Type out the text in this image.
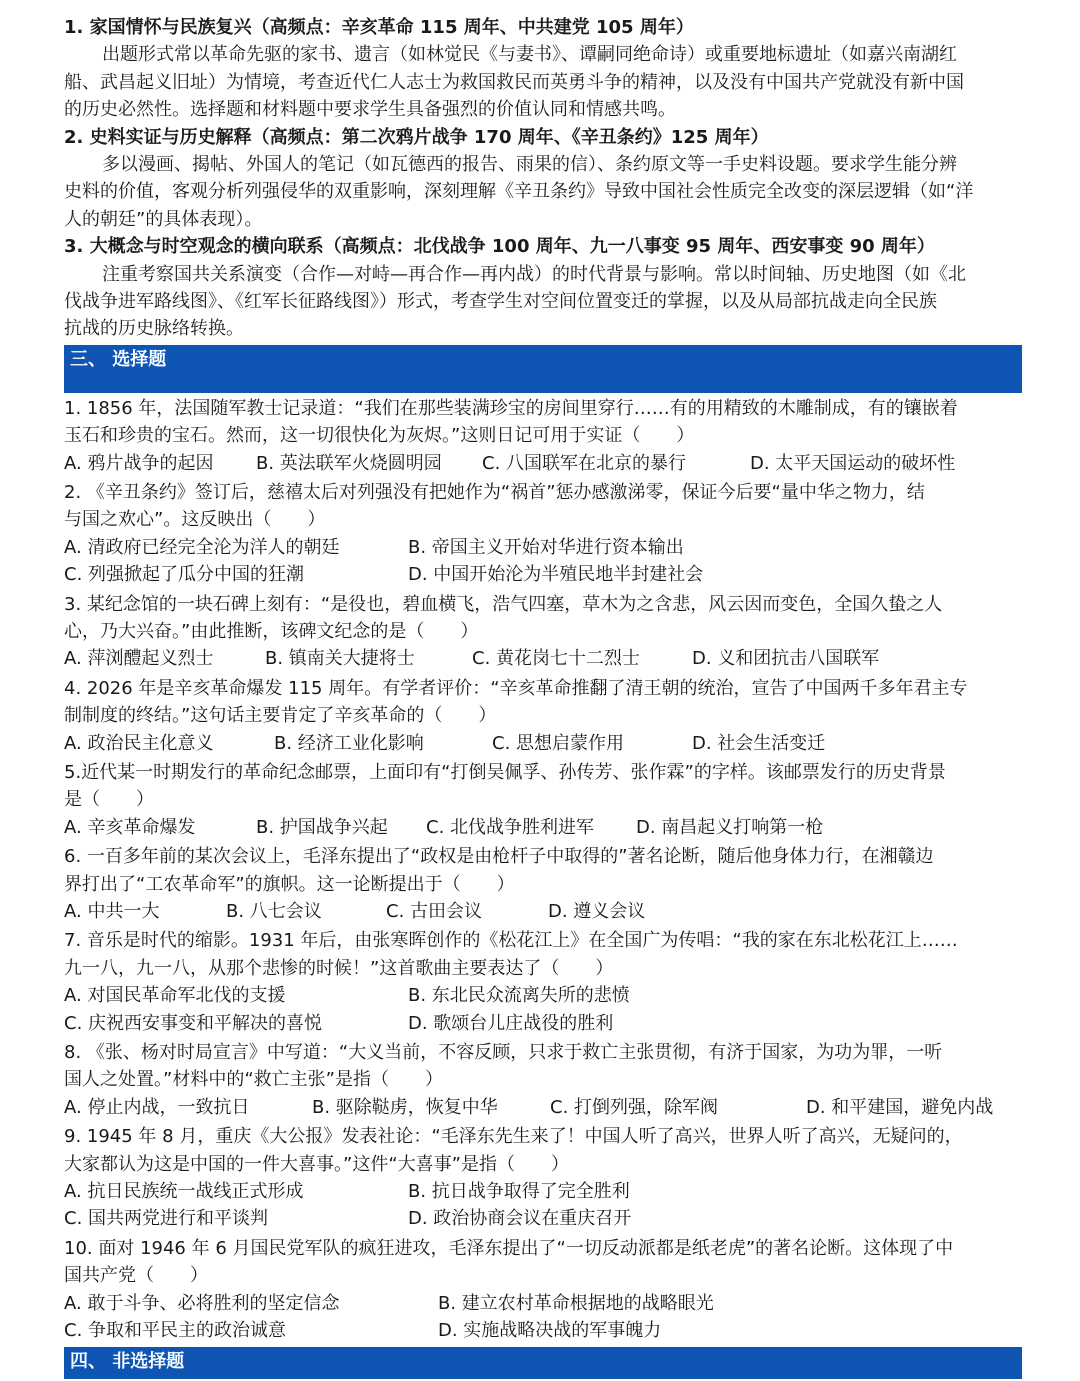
1. 家国情怀与民族复兴（高频点：辛亥革命 115 周年、中共建党 105 周年）
出题形式常以革命先驱的家书、遗言（如林觉民《与妻书》、谭嗣同绝命诗）或重要地标遗址（如嘉兴南湖红
船、武昌起义旧址）为情境，考查近代仁人志士为救国救民而英勇斗争的精神，以及没有中国共产党就没有新中国
的历史必然性。选择题和材料题中要求学生具备强烈的价值认同和情感共鸣。
2. 史料实证与历史解释（高频点：第二次鸦片战争 170 周年、《辛丑条约》125 周年）
多以漫画、揭帖、外国人的笔记（如瓦德西的报告、雨果的信）、条约原文等一手史料设题。要求学生能分辨
史料的价值，客观分析列强侵华的双重影响，深刻理解《辛丑条约》导致中国社会性质完全改变的深层逻辑（如“洋
人的朝廷”的具体表现）。
3. 大概念与时空观念的横向联系（高频点：北伐战争 100 周年、九一八事变 95 周年、西安事变 90 周年）
注重考察国共关系演变（合作—对峙—再合作—再内战）的时代背景与影响。常以时间轴、历史地图（如《北
伐战争进军路线图》、《红军长征路线图》）形式，考查学生对空间位置变迁的掌握，以及从局部抗战走向全民族
抗战的历史脉络转换。
三、 选择题
1. 1856 年，法国随军教士记录道：“我们在那些装满珍宝的房间里穿行……有的用精致的木雕制成，有的镶嵌着
玉石和珍贵的宝石。然而，这一切很快化为灰烬。”这则日记可用于实证（　　）
A. 鸦片战争的起因 B. 英法联军火烧圆明园 C. 八国联军在北京的暴行	D. 太平天国运动的破坏性
2. 《辛丑条约》签订后，慈禧太后对列强没有把她作为“祸首”惩办感激涕零，保证今后要“量中华之物力，结
与国之欢心”。这反映出（　　）
A. 清政府已经完全沦为洋人的朝廷	B. 帝国主义开始对华进行资本输出
C. 列强掀起了瓜分中国的狂潮	D. 中国开始沦为半殖民地半封建社会
3. 某纪念馆的一块石碑上刻有：“是役也，碧血横飞，浩气四塞，草木为之含悲，风云因而变色，全国久蛰之人
心，乃大兴奋。”由此推断，该碑文纪念的是（　　）
A. 萍浏醴起义烈士	B. 镇南关大捷将士	C. 黄花岗七十二烈士	D. 义和团抗击八国联军
4. 2026 年是辛亥革命爆发 115 周年。有学者评价：“辛亥革命推翻了清王朝的统治，宣告了中国两千多年君主专
制制度的终结。”这句话主要肯定了辛亥革命的（　　）
A. 政治民主化意义	B. 经济工业化影响	C. 思想启蒙作用	D. 社会生活变迁
5.近代某一时期发行的革命纪念邮票，上面印有“打倒吴佩孚、孙传芳、张作霖”的字样。该邮票发行的历史背景
是（　　）
A. 辛亥革命爆发	B. 护国战争兴起 C. 北伐战争胜利进军 D. 南昌起义打响第一枪
6. 一百多年前的某次会议上，毛泽东提出了“政权是由枪杆子中取得的”著名论断，随后他身体力行，在湘赣边
界打出了“工农革命军”的旗帜。这一论断提出于（　　）
A. 中共一大	B. 八七会议	C. 古田会议	D. 遵义会议
7. 音乐是时代的缩影。1931 年后，由张寒晖创作的《松花江上》在全国广为传唱：“我的家在东北松花江上……
九一八，九一八，从那个悲惨的时候！”这首歌曲主要表达了（　　）
A. 对国民革命军北伐的支援	B. 东北民众流离失所的悲愤
C. 庆祝西安事变和平解决的喜悦	D. 歌颂台儿庄战役的胜利
8. 《张、杨对时局宣言》中写道：“大义当前，不容反顾，只求于救亡主张贯彻，有济于国家，为功为罪，一听
国人之处置。”材料中的“救亡主张”是指（　　）
A. 停止内战，一致抗日	B. 驱除鞑虏，恢复中华	C. 打倒列强，除军阀	D. 和平建国，避免内战
9. 1945 年 8 月，重庆《大公报》发表社论：“毛泽东先生来了！中国人听了高兴，世界人听了高兴，无疑问的，
大家都认为这是中国的一件大喜事。”这件“大喜事”是指（　　）
A. 抗日民族统一战线正式形成	B. 抗日战争取得了完全胜利
C. 国共两党进行和平谈判	D. 政治协商会议在重庆召开
10. 面对 1946 年 6 月国民党军队的疯狂进攻，毛泽东提出了“一切反动派都是纸老虎”的著名论断。这体现了中
国共产党（　　）
A. 敢于斗争、必将胜利的坚定信念	B. 建立农村革命根据地的战略眼光
C. 争取和平民主的政治诚意	D. 实施战略决战的军事魄力
四、 非选择题
